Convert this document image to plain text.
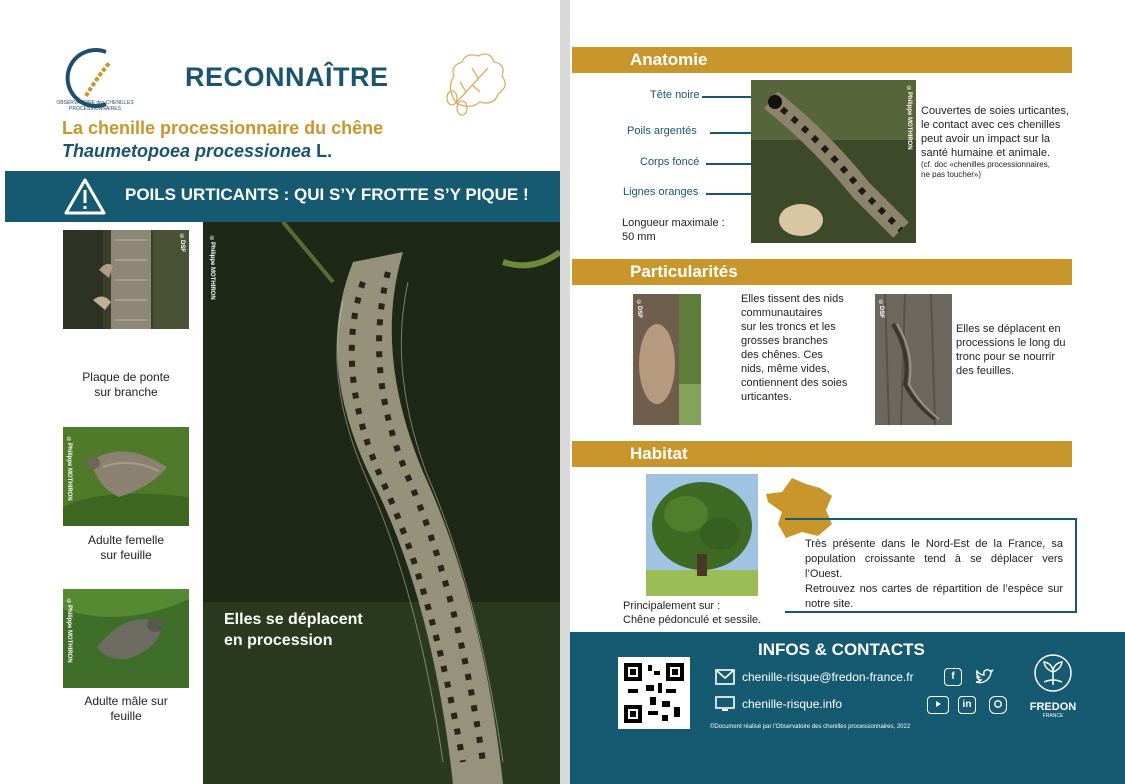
OBSERVATOIRE des CHENILLES PROCESSIONNAIRES
RECONNAÎTRE
La chenille processionnaire du chêne
Thaumetopoea processionea L.
POILS URTICANTS : QUI S’Y FROTTE S’Y PIQUE !
©DSF
Plaque de ponte
sur branche
©Philippe MOTHIRON
Adulte femelle
sur feuille
©Philippe MOTHIRON
Adulte mâle sur
feuille
©Philippe MOTHIRON
Elles se déplacent
en procession
Anatomie
Tête noire
Poils argentés
Corps foncé
Lignes oranges
©Philippe MOTHIRON
Longueur maximale :
50 mm
Couvertes de soies urticantes,
le contact avec ces chenilles
peut avoir un impact sur la
santé humaine et animale.
(cf. doc «chenilles processionnaires,
ne pas toucher»)
Particularités
©DSF
Elles tissent des nids
communautaires
sur les troncs et les
grosses branches
des chênes. Ces
nids, même vides,
contiennent des soies
urticantes.
©DSF
Elles se déplacent en
processions le long du
tronc pour se nourrir
des feuilles.
Habitat
Principalement sur :
Chêne pédonculé et sessile.
Très présente dans le Nord-Est de la France, sa population croissante tend à se déplacer vers l’Ouest.
Retrouvez nos cartes de répartition de l’espèce sur notre site.
INFOS & CONTACTS
chenille-risque@fredon-france.fr
chenille-risque.info
f
in
©Document réalisé par l’Observatoire des chenilles processionnaires, 2022
FREDON
FRANCE
